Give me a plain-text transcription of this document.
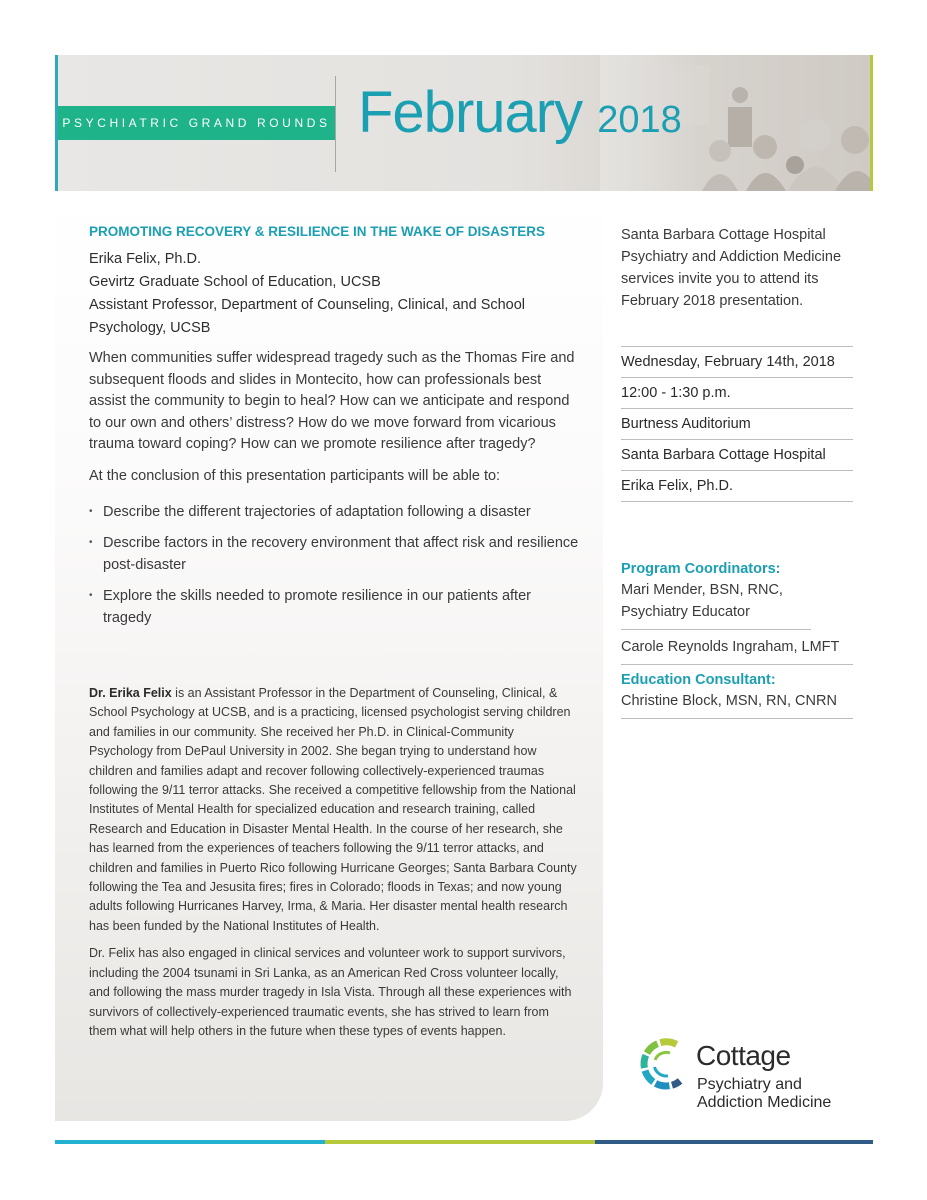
PSYCHIATRIC GRAND ROUNDS February 2018
PROMOTING RECOVERY & RESILIENCE IN THE WAKE OF DISASTERS
Erika Felix, Ph.D.
Gevirtz Graduate School of Education, UCSB
Assistant Professor, Department of Counseling, Clinical, and School Psychology, UCSB

When communities suffer widespread tragedy such as the Thomas Fire and subsequent floods and slides in Montecito, how can professionals best assist the community to begin to heal? How can we anticipate and respond to our own and others’ distress? How do we move forward from vicarious trauma toward coping? How can we promote resilience after tragedy?

At the conclusion of this presentation participants will be able to:

• Describe the different trajectories of adaptation following a disaster
• Describe factors in the recovery environment that affect risk and resilience post-disaster
• Explore the skills needed to promote resilience in our patients after tragedy

Dr. Erika Felix is an Assistant Professor in the Department of Counseling, Clinical, & School Psychology at UCSB, and is a practicing, licensed psychologist serving children and families in our community. She received her Ph.D. in Clinical-Community Psychology from DePaul University in 2002. She began trying to understand how children and families adapt and recover following collectively-experienced traumas following the 9/11 terror attacks. She received a competitive fellowship from the National Institutes of Mental Health for specialized education and research training, called Research and Education in Disaster Mental Health. In the course of her research, she has learned from the experiences of teachers following the 9/11 terror attacks, and children and families in Puerto Rico following Hurricane Georges; Santa Barbara County following the Tea and Jesusita fires; fires in Colorado; floods in Texas; and now young adults following Hurricanes Harvey, Irma, & Maria. Her disaster mental health research has been funded by the National Institutes of Health.

Dr. Felix has also engaged in clinical services and volunteer work to support survivors, including the 2004 tsunami in Sri Lanka, as an American Red Cross volunteer locally, and following the mass murder tragedy in Isla Vista. Through all these experiences with survivors of collectively-experienced traumatic events, she has strived to learn from them what will help others in the future when these types of events happen.

Santa Barbara Cottage Hospital Psychiatry and Addiction Medicine services invite you to attend its February 2018 presentation.
Wednesday, February 14th, 2018
12:00 - 1:30 p.m.
Burtness Auditorium
Santa Barbara Cottage Hospital
Erika Felix, Ph.D.
Program Coordinators:
Mari Mender, BSN, RNC, Psychiatry Educator
Carole Reynolds Ingraham, LMFT
Education Consultant:
Christine Block, MSN, RN, CNRN
Cottage
Psychiatry and
Addiction Medicine
